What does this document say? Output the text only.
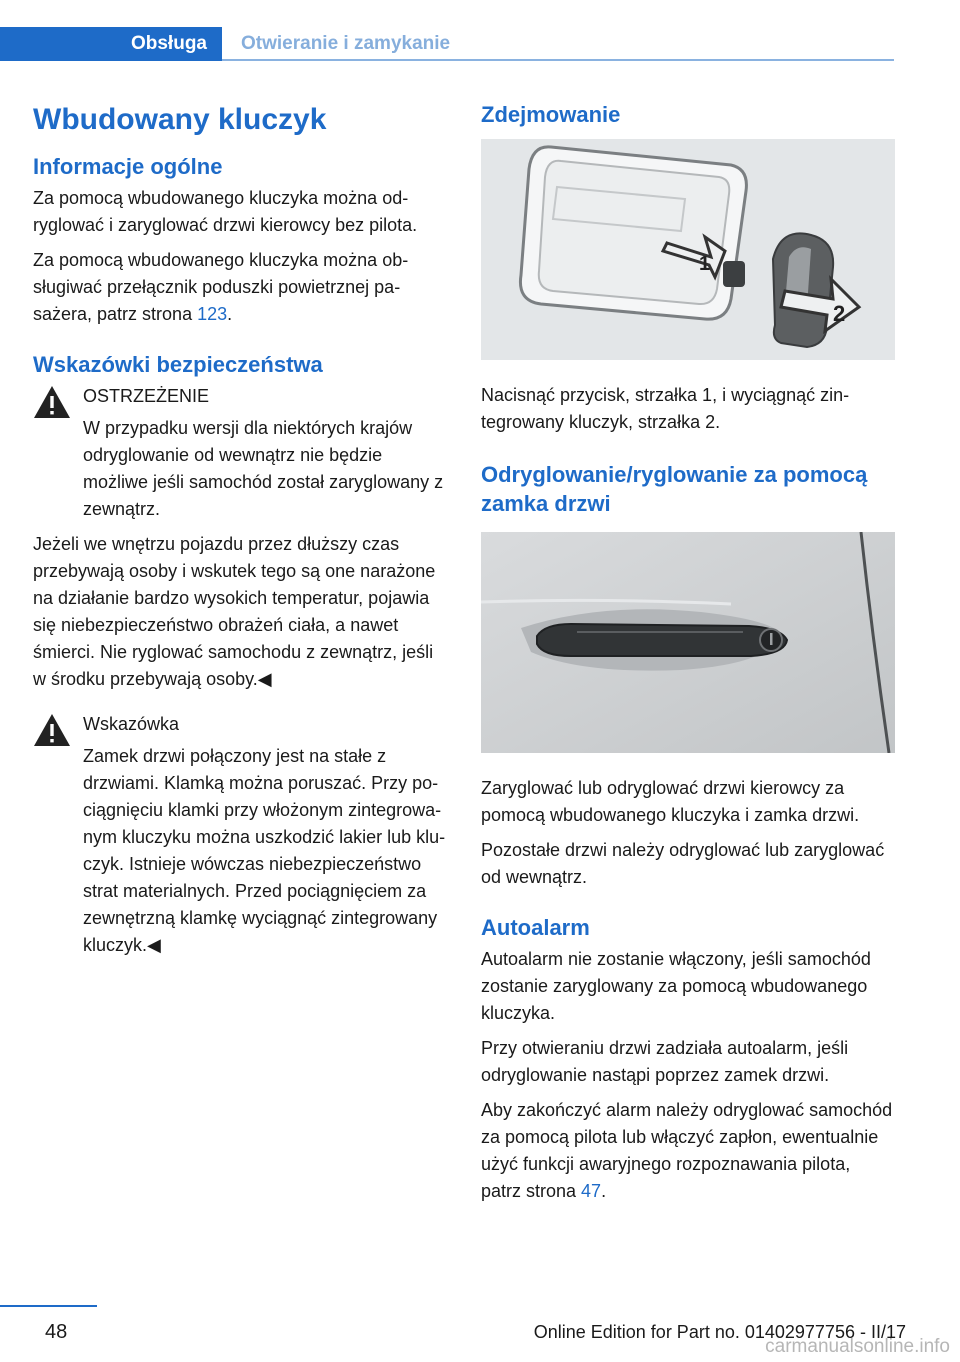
Obsługa	Otwieranie i zamykanie
Wbudowany kluczyk
Informacje ogólne

Za pomocą wbudowanego kluczyka można odryglować i zaryglować drzwi kierowcy bez pilota.

Za pomocą wbudowanego kluczyka można obsługiwać przełącznik poduszki powietrznej pasażera, patrz strona 123.

Wskazówki bezpieczeństwa
OSTRZEŻENIE
W przypadku wersji dla niektórych krajów odryglowanie od wewnątrz nie będzie możliwe jeśli samochód został zaryglowany z zewnątrz.

Jeżeli we wnętrzu pojazdu przez dłuższy czas przebywają osoby i wskutek tego są one narażone na działanie bardzo wysokich temperatur, pojawia się niebezpieczeństwo obrażeń ciała, a nawet śmierci. Nie ryglować samochodu z zewnątrz, jeśli w środku przebywają osoby.◀

Wskazówka
Zamek drzwi połączony jest na stałe z drzwiami. Klamką można poruszać. Przy pociągnięciu klamki przy włożonym zintegrowanym kluczyku można uszkodzić lakier lub kluczyk. Istnieje wówczas niebezpieczeństwo strat materialnych. Przed pociągnięciem za zewnętrzną klamkę wyciągnąć zintegrowany kluczyk.◀
Zdejmowanie
1
2

Nacisnąć przycisk, strzałka 1, i wyciągnąć zintegrowany kluczyk, strzałka 2.

Odryglowanie/ryglowanie za pomocą zamka drzwi

Zaryglować lub odryglować drzwi kierowcy za pomocą wbudowanego kluczyka i zamka drzwi.

Pozostałe drzwi należy odryglować lub zaryglować od wewnątrz.

Autoalarm

Autoalarm nie zostanie włączony, jeśli samochód zostanie zaryglowany za pomocą wbudowanego kluczyka.

Przy otwieraniu drzwi zadziała autoalarm, jeśli odryglowanie nastąpi poprzez zamek drzwi.

Aby zakończyć alarm należy odryglować samochód za pomocą pilota lub włączyć zapłon, ewentualnie użyć funkcji awaryjnego rozpoznawania pilota, patrz strona 47.

48	Online Edition for Part no. 01402977756 - II/17
carmanualsonline.info
